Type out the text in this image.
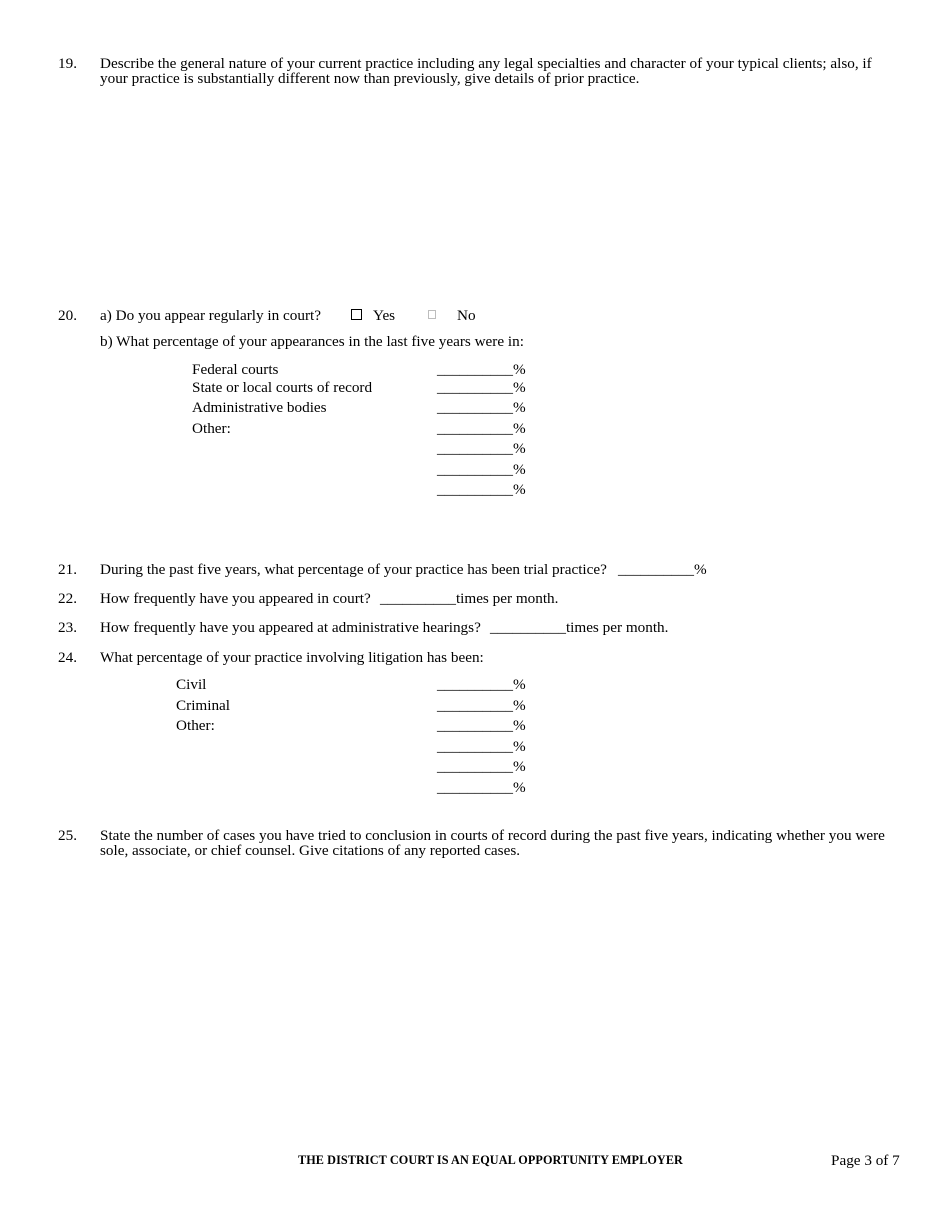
19. Describe the general nature of your current practice including any legal specialties and character of your typical clients; also, if your practice is substantially different now than previously, give details of prior practice.
20. a) Do you appear regularly in court?	Yes	No
b) What percentage of your appearances in the last five years were in:
Federal courts	__________%
State or local courts of record	__________%
Administrative bodies	__________%
Other:	__________%
__________%
__________%
__________%
21. During the past five years, what percentage of your practice has been trial practice? __________%
22. How frequently have you appeared in court? __________times per month.
23. How frequently have you appeared at administrative hearings? __________times per month.
24. What percentage of your practice involving litigation has been:
Civil	__________%
Criminal	__________%
Other:	__________%
__________%
__________%
__________%
25. State the number of cases you have tried to conclusion in courts of record during the past five years, indicating whether you were sole, associate, or chief counsel. Give citations of any reported cases.
THE DISTRICT COURT IS AN EQUAL OPPORTUNITY EMPLOYER	Page 3 of 7
